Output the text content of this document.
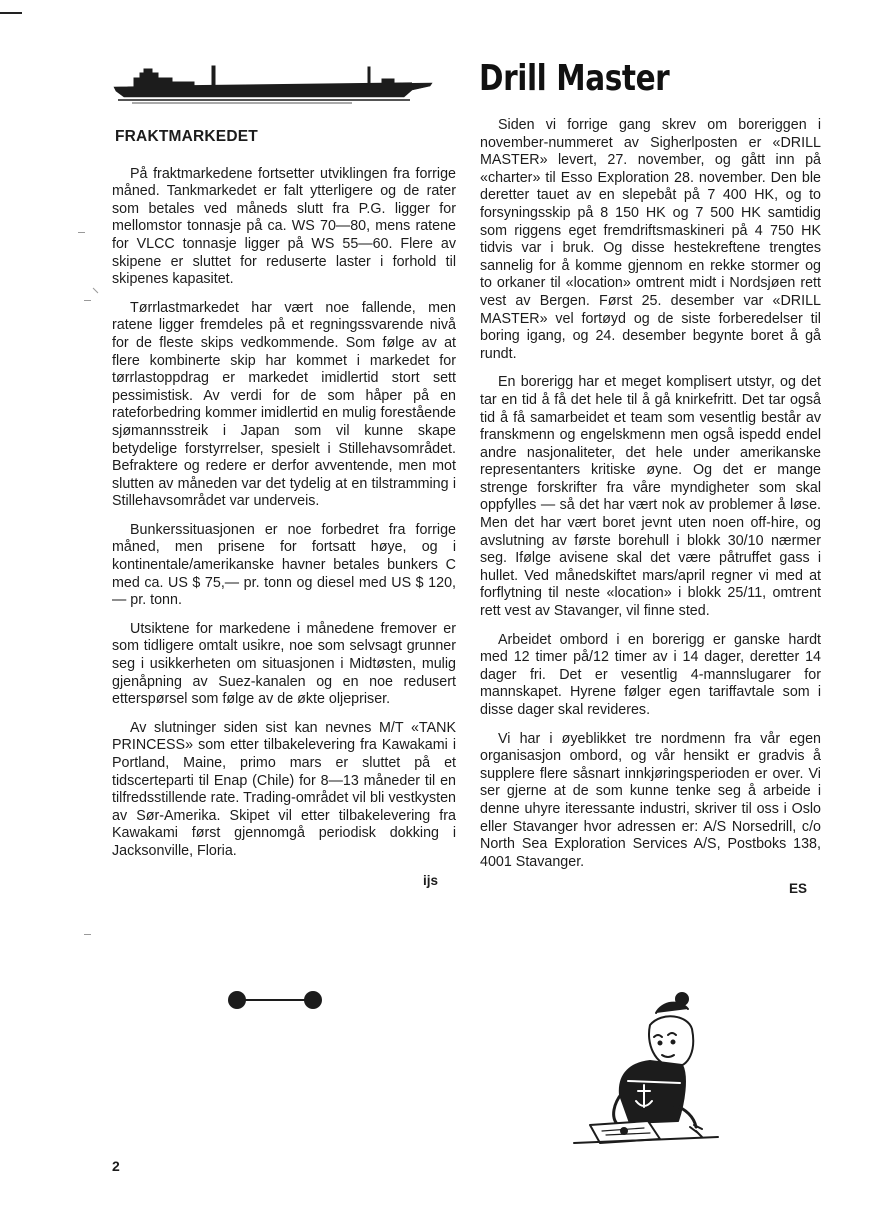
FRAKTMARKEDET

På fraktmarkedene fortsetter utviklingen fra forrige måned. Tankmarkedet er falt ytterligere og de rater som betales ved måneds slutt fra P.G. ligger for mellomstor tonnasje på ca. WS 70—80, mens ratene for VLCC tonnasje ligger på WS 55—60. Flere av skipene er sluttet for reduserte laster i forhold til skipenes kapasitet.

Tørrlastmarkedet har vært noe fallende, men ratene ligger fremdeles på et regningssvarende nivå for de fleste skips vedkommende. Som følge av at flere kombinerte skip har kommet i markedet for tørrlastoppdrag er markedet imidlertid stort sett pessimistisk. Av verdi for de som håper på en rateforbedring kommer imidlertid en mulig forestående sjømannsstreik i Japan som vil kunne skape betydelige forstyrrelser, spesielt i Stillehavsområdet. Befraktere og redere er derfor avventende, men mot slutten av måneden var det tydelig at en tilstramming i Stillehavsområdet var underveis.

Bunkerssituasjonen er noe forbedret fra forrige måned, men prisene for fortsatt høye, og i kontinentale/amerikanske havner betales bunkers C med ca. US $ 75,— pr. tonn og diesel med US $ 120,— pr. tonn.

Utsiktene for markedene i månedene fremover er som tidligere omtalt usikre, noe som selvsagt grunner seg i usikkerheten om situasjonen i Midtøsten, mulig gjenåpning av Suez-kanalen og en noe redusert etterspørsel som følge av de økte oljepriser.

Av slutninger siden sist kan nevnes M/T «TANK PRINCESS» som etter tilbakelevering fra Kawakami i Portland, Maine, primo mars er sluttet på et tidscerteparti til Enap (Chile) for 8—13 måneder til en tilfredsstillende rate. Trading-området vil bli vestkysten av Sør-Amerika. Skipet vil etter tilbakelevering fra Kawakami først gjennomgå periodisk dokking i Jacksonville, Floria.

ijs
Drill Master

Siden vi forrige gang skrev om boreriggen i november-nummeret av Sigherlposten er «DRILL MASTER» levert, 27. november, og gått inn på «charter» til Esso Exploration 28. november. Den ble deretter tauet av en slepebåt på 7 400 HK, og to forsyningsskip på 8 150 HK og 7 500 HK samtidig som riggens eget fremdriftsmaskineri på 4 750 HK tidvis var i bruk. Og disse hestekreftene trengtes sannelig for å komme gjennom en rekke stormer og to orkaner til «location» omtrent midt i Nordsjøen rett vest av Bergen. Først 25. desember var «DRILL MASTER» vel fortøyd og de siste forberedelser til boring igang, og 24. desember begynte boret å gå rundt.

En borerigg har et meget komplisert utstyr, og det tar en tid å få det hele til å gå knirkefritt. Det tar også tid å få samarbeidet et team som vesentlig består av franskmenn og engelskmenn men også ispedd endel andre nasjonaliteter, det hele under amerikanske representanters kritiske øyne. Og det er mange strenge forskrifter fra våre myndigheter som skal oppfylles — så det har vært nok av problemer å løse. Men det har vært boret jevnt uten noen off-hire, og avslutning av første borehull i blokk 30/10 nærmer seg. Ifølge avisene skal det være påtruffet gass i hullet. Ved månedskiftet mars/april regner vi med at forflytning til neste «location» i blokk 25/11, omtrent rett vest av Stavanger, vil finne sted.

Arbeidet ombord i en borerigg er ganske hardt med 12 timer på/12 timer av i 14 dager, deretter 14 dager fri. Det er vesentlig 4-mannslugarer for mannskapet. Hyrene følger egen tariffavtale som i disse dager skal revideres.

Vi har i øyeblikket tre nordmenn fra vår egen organisasjon ombord, og vår hensikt er gradvis å supplere flere såsnart innkjøringsperioden er over. Vi ser gjerne at de som kunne tenke seg å arbeide i denne uhyre iteressante industri, skriver til oss i Oslo eller Stavanger hvor adressen er: A/S Norsedrill, c/o North Sea Exploration Services A/S, Postboks 138, 4001 Stavanger.

ES
2
